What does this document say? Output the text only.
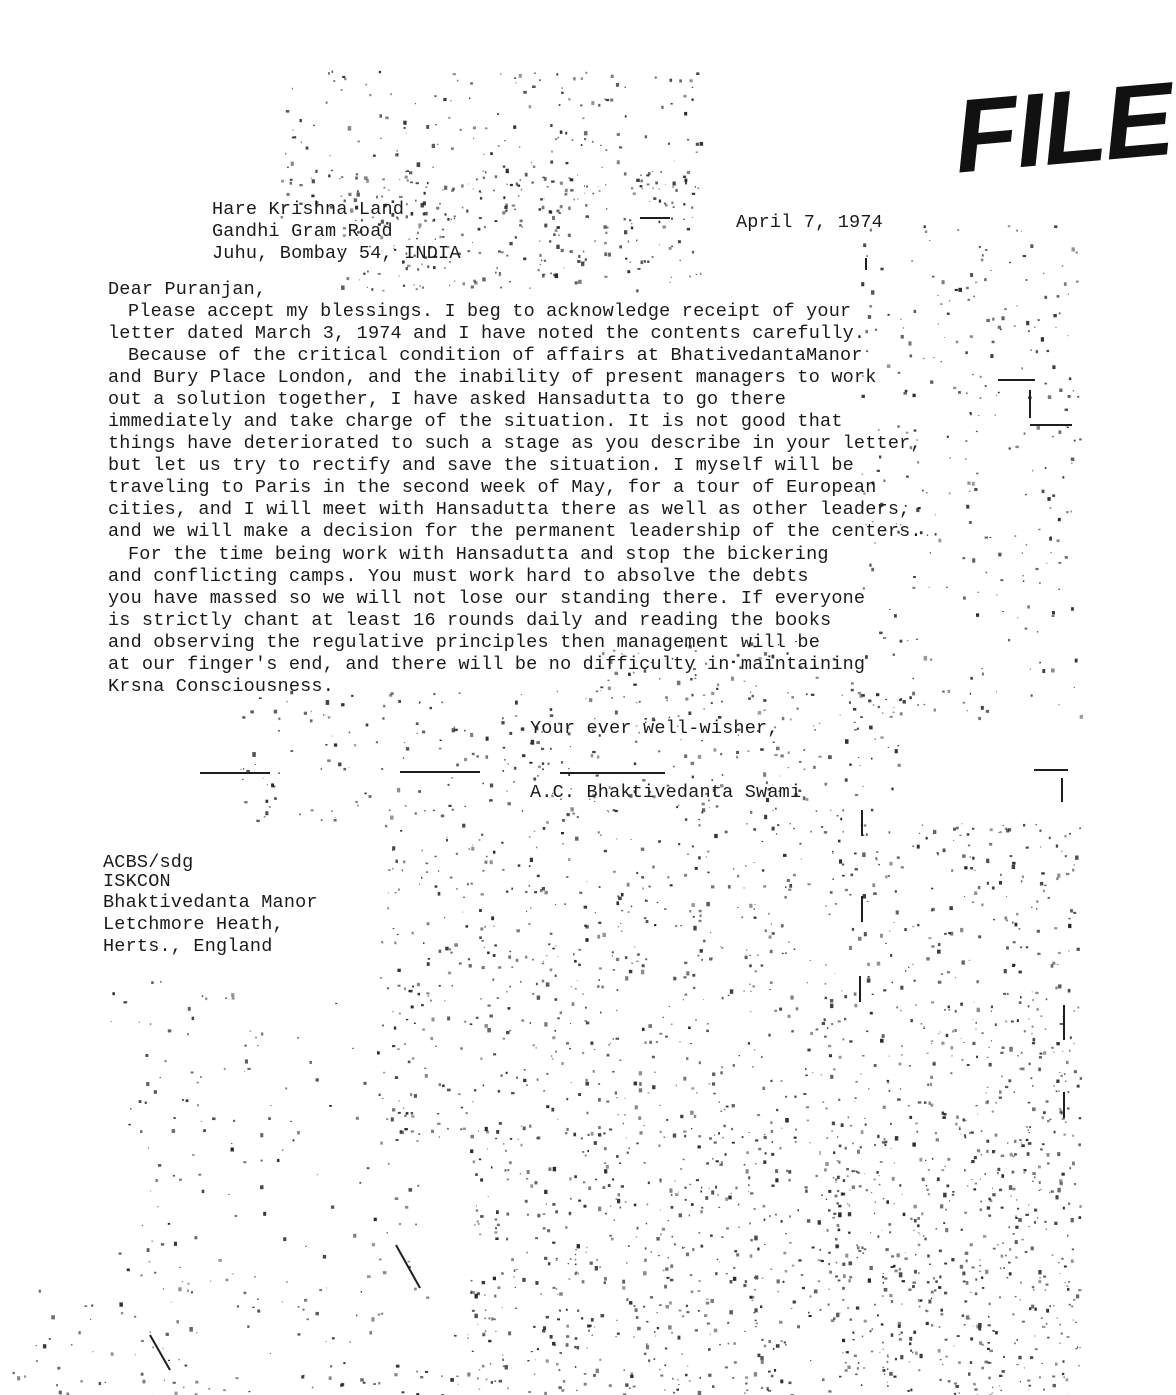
FILE
Hare Krishna Land
Gandhi Gram Road
Juhu, Bombay 54, INDIA
April 7, 1974
Dear Puranjan,
Please accept my blessings. I beg to acknowledge receipt of your
letter dated March 3, 1974 and I have noted the contents carefully.
Because of the critical condition of affairs at BhativedantaManor
and Bury Place London, and the inability of present managers to work
out a solution together, I have asked Hansadutta to go there
immediately and take charge of the situation. It is not good that
things have deteriorated to such a stage as you describe in your letter,
but let us try to rectify and save the situation. I myself will be
traveling to Paris in the second week of May, for a tour of European
cities, and I will meet with Hansadutta there as well as other leaders,
and we will make a decision for the permanent leadership of the centers.
For the time being work with Hansadutta and stop the bickering
and conflicting camps. You must work hard to absolve the debts
you have massed so we will not lose our standing there. If everyone
is strictly chant at least 16 rounds daily and reading the books
and observing the regulative principles then management will be
at our finger's end, and there will be no difficulty in maintaining
Krsna Consciousness.
Your ever well-wisher,
A.C. Bhaktivedanta Swami
ACBS/sdg
ISKCON
Bhaktivedanta Manor
Letchmore Heath,
Herts., England
